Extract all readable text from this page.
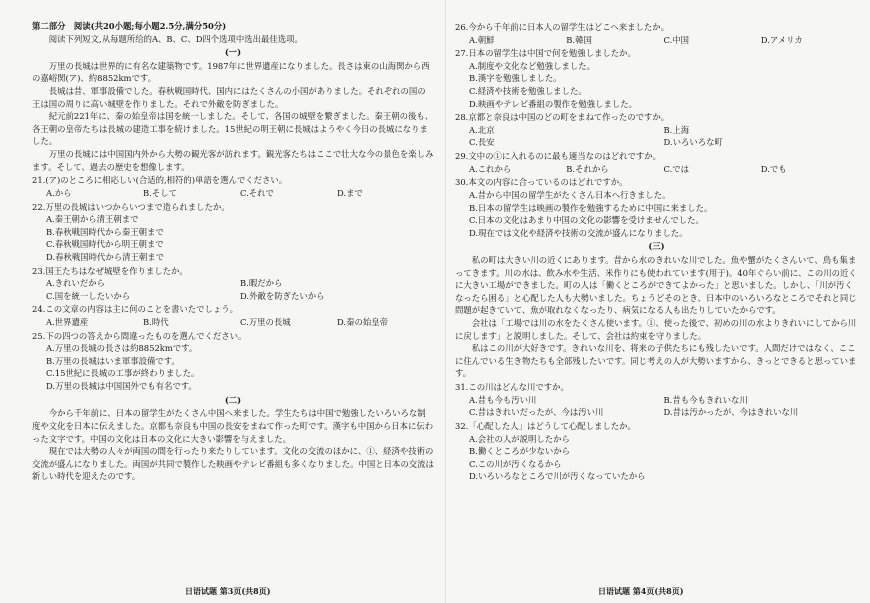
第二部分　阅读(共20小题;每小题2.5分,满分50分)

阅读下列短文,从每题所给的A、B、C、D四个选项中选出最佳选项。

(一)

万里の長城は世界的に有名な建築物です。1987年に世界遺産になりました。長さは東の山海関から西の嘉峪関(ア)、約8852kmです。

長城は昔、軍事設備でした。春秋戦国時代、国内にはたくさんの小国がありました。それぞれの国の王は国の周りに高い城壁を作りました。それで外敵を防ぎました。

紀元前221年に、秦の始皇帝は国を統一しました。そして、各国の城壁を繋ぎました。秦王朝の後も、各王朝の皇帝たちは長城の建造工事を続けました。15世紀の明王朝に長城はようやく今日の長城になりました。

万里の長城には中国国内外から大勢の観光客が訪れます。観光客たちはここで壮大な今の景色を楽しみます。そして、過去の歴史を想像します。

21.(ア)のところに相応しい(合适的,相符的)単語を選んでください。

A.から	B.そして	C.それで	D.まで

22.万里の長城はいつからいつまで造られましたか。

A.秦王朝から清王朝まで

B.春秋戦国時代から秦王朝まで

C.春秋戦国時代から明王朝まで

D.春秋戦国時代から清王朝まで

23.国王たちはなぜ城壁を作りましたか。

A.きれいだから	B.暇だから
C.国を統一したいから	D.外敵を防ぎたいから

24.この文章の内容は主に何のことを書いたでしょう。

A.世界遺産	B.時代	C.万里の長城	D.秦の始皇帝

25.下の四つの答えから間違ったものを選んでください。

A.万里の長城の長さは約8852kmです。

B.万里の長城はいま軍事設備です。

C.15世紀に長城の工事が終わりました。

D.万里の長城は中国国外でも有名です。

(二)

今から千年前に、日本の留学生がたくさん中国へ来ました。学生たちは中国で勉強したいろいろな制度や文化を日本に伝えました。京都も奈良も中国の長安をまねて作った町です。漢字も中国から日本に伝わった文字です。中国の文化は日本の文化に大きい影響を与えました。

現在では大勢の人々が両国の間を行ったり来たりしています。文化の交流のほかに、①、経済や技術の交流が盛んになりました。両国が共同で製作した映画やテレビ番組も多くなりました。中国と日本の交流は新しい時代を迎えたのです。

26.今から千年前に日本人の留学生はどこへ来ましたか。

A.朝鮮	B.韓国	C.中国	D.アメリカ

27.日本の留学生は中国で何を勉強しましたか。

A.制度や文化など勉強しました。

B.漢字を勉強しました。

C.経済や技術を勉強しました。

D.映画やテレビ番組の製作を勉強しました。

28.京都と奈良は中国のどの町をまねて作ったのですか。

A.北京	B.上海
C.長安	D.いろいろな町

29.文中の①に入れるのに最も適当なのはどれですか。

A.これから	B.それから	C.では	D.でも

30.本文の内容に合っているのはどれですか。

A.昔から中国の留学生がたくさん日本へ行きました。

B.日本の留学生は映画の製作を勉強するために中国に来ました。

C.日本の文化はあまり中国の文化の影響を受けませんでした。

D.現在では文化や経済や技術の交流が盛んになりました。

(三)

私の町は大きい川の近くにあります。昔から水のきれいな川でした。魚や蟹がたくさんいて、鳥も集まってきます。川の水は、飲み水や生活、米作りにも使われています(用于)。40年ぐらい前に、この川の近くに大きい工場ができました。町の人は「働くところができてよかった」と思いました。しかし、「川が汚くなったら困る」と心配した人も大勢いました。ちょうどそのとき、日本中のいろいろなところでそれと同じ問題が起きていて、魚が取れなくなったり、病気になる人も出たりしていたからです。

会社は「工場では川の水をたくさん使います。①、使った後で、初めの川の水よりきれいにしてから川に戻します」と説明しました。そして、会社は約束を守りました。

私はこの川が大好きです。きれいな川を、将来の子供たちにも残したいです。人間だけではなく、ここに住んでいる生き物たちも全部残したいです。同じ考えの人が大勢いますから、きっとできると思っています。

31.この川はどんな川ですか。

A.昔も今も汚い川	B.昔も今もきれいな川
C.昔はきれいだったが、今は汚い川	D.昔は汚かったが、今はきれいな川

32.「心配した人」はどうして心配しましたか。

A.会社の人が説明したから

B.働くところが少ないから

C.この川が汚くなるから

D.いろいろなところで川が汚くなっていたから

日语试题 第3页(共8页)	日语试题 第4页(共8页)
